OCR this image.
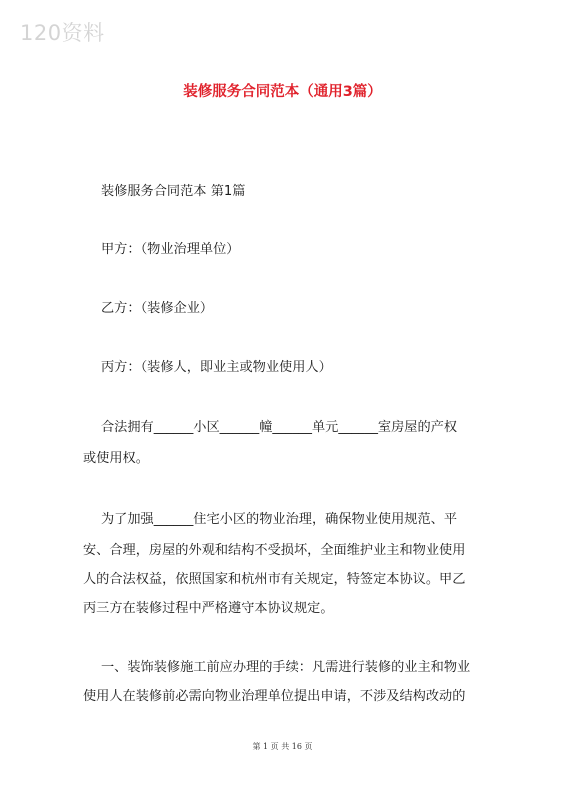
120资料
装修服务合同范本（通用3篇）
装修服务合同范本 第1篇
甲方：（物业治理单位）
乙方：（装修企业）
丙方：（装修人，即业主或物业使用人）
合法拥有______小区______幢______单元______室房屋的产权
或使用权。
为了加强______住宅小区的物业治理，确保物业使用规范、平
安、合理，房屋的外观和结构不受损坏，全面维护业主和物业使用
人的合法权益，依照国家和杭州市有关规定，特签定本协议。甲乙
丙三方在装修过程中严格遵守本协议规定。
一、装饰装修施工前应办理的手续：凡需进行装修的业主和物业
使用人在装修前必需向物业治理单位提出申请，不涉及结构改动的
第 1 页 共 16 页
